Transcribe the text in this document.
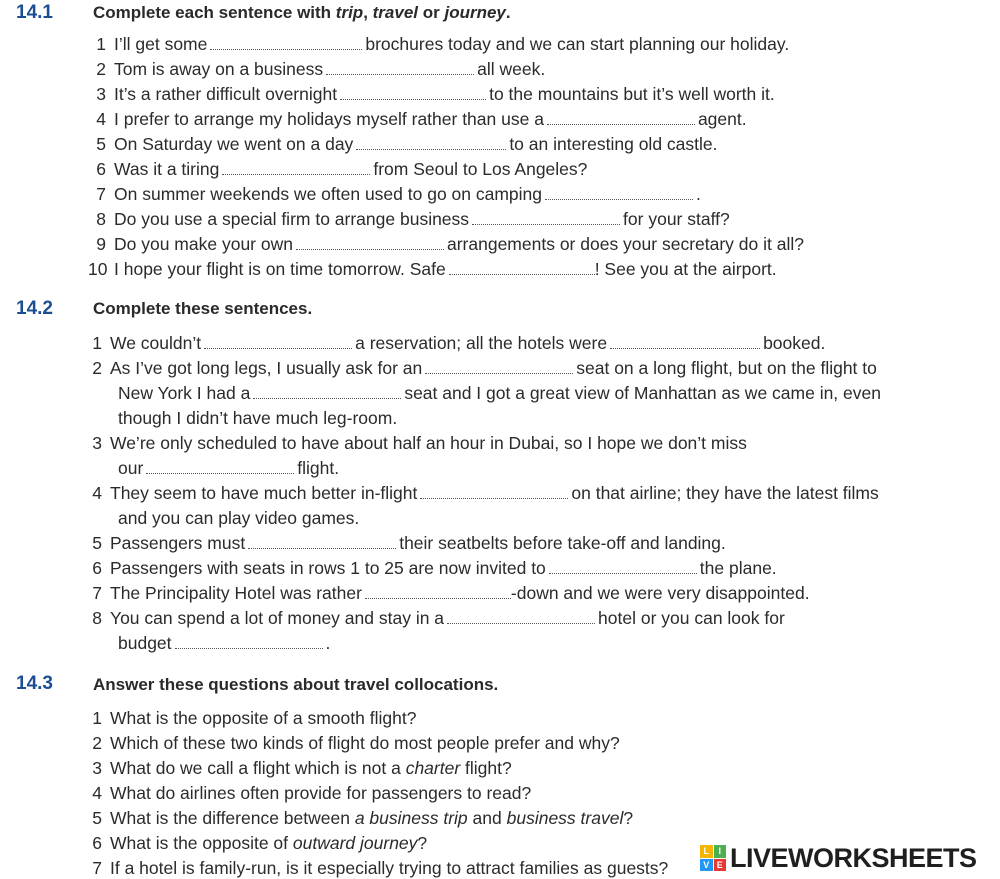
14.1 Complete each sentence with trip, travel or journey.
1 I’ll get some	brochures today and we can start planning our holiday.
2 Tom is away on a business	all week.
3 It’s a rather difficult overnight	to the mountains but it’s well worth it.
4 I prefer to arrange my holidays myself rather than use a	agent.
5 On Saturday we went on a day	to an interesting old castle.
6 Was it a tiring	from Seoul to Los Angeles?
7 On summer weekends we often used to go on camping	.
8 Do you use a special firm to arrange business	for your staff?
9 Do you make your own	arrangements or does your secretary do it all?
10 I hope your flight is on time tomorrow. Safe	! See you at the airport.
14.2 Complete these sentences.
1 We couldn’t	a reservation; all the hotels were	booked.
2 As I’ve got long legs, I usually ask for an	seat on a long flight, but on the flight to
New York I had a	seat and I got a great view of Manhattan as we came in, even
though I didn’t have much leg-room.
3 We’re only scheduled to have about half an hour in Dubai, so I hope we don’t miss
our	flight.
4 They seem to have much better in-flight	on that airline; they have the latest films
and you can play video games.
5 Passengers must	their seatbelts before take-off and landing.
6 Passengers with seats in rows 1 to 25 are now invited to	the plane.
7 The Principality Hotel was rather	-down and we were very disappointed.
8 You can spend a lot of money and stay in a	hotel or you can look for
budget	.
14.3 Answer these questions about travel collocations.
1 What is the opposite of a smooth flight?
2 Which of these two kinds of flight do most people prefer and why?
3 What do we call a flight which is not a charter flight?
4 What do airlines often provide for passengers to read?
5 What is the difference between a business trip and business travel?
6 What is the opposite of outward journey?
7 If a hotel is family-run, is it especially trying to attract families as guests?
L	I
V E LIVEWORKSHEETS
